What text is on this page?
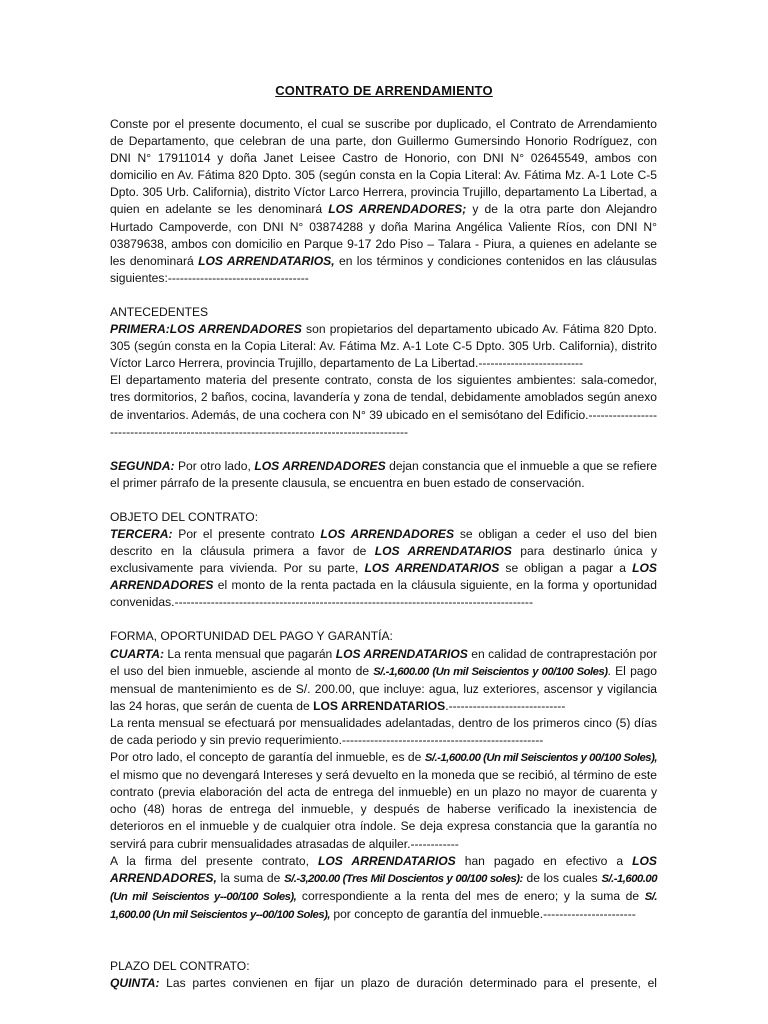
CONTRATO DE ARRENDAMIENTO

Conste por el presente documento, el cual se suscribe por duplicado, el Contrato de Arrendamiento de Departamento, que celebran de una parte, don Guillermo Gumersindo Honorio Rodríguez, con DNI N° 17911014 y doña Janet Leisee Castro de Honorio, con DNI N° 02645549, ambos con domicilio en Av. Fátima 820 Dpto. 305 (según consta en la Copia Literal: Av. Fátima Mz. A-1 Lote C-5 Dpto. 305 Urb. California), distrito Víctor Larco Herrera, provincia Trujillo, departamento La Libertad, a quien en adelante se les denominará LOS ARRENDADORES; y de la otra parte don Alejandro Hurtado Campoverde, con DNI N° 03874288 y doña Marina Angélica Valiente Ríos, con DNI N° 03879638, ambos con domicilio en Parque 9-17 2do Piso – Talara - Piura, a quienes en adelante se les denominará LOS ARRENDATARIOS, en los términos y condiciones contenidos en las cláusulas siguientes:-----------------------------------

ANTECEDENTES

PRIMERA:LOS ARRENDADORES son propietarios del departamento ubicado Av. Fátima 820 Dpto. 305 (según consta en la Copia Literal: Av. Fátima Mz. A-1 Lote C-5 Dpto. 305 Urb. California), distrito Víctor Larco Herrera, provincia Trujillo, departamento de La Libertad.--------------------------

El departamento materia del presente contrato, consta de los siguientes ambientes: sala-comedor, tres dormitorios, 2 baños, cocina, lavandería y zona de tendal, debidamente amoblados según anexo de inventarios. Además, de una cochera con N° 39 ubicado en el semisótano del Edificio.-------------------------------------------------------------------------------------------

SEGUNDA: Por otro lado, LOS ARRENDADORES dejan constancia que el inmueble a que se refiere el primer párrafo de la presente clausula, se encuentra en buen estado de conservación.

OBJETO DEL CONTRATO:

TERCERA: Por el presente contrato LOS ARRENDADORES se obligan a ceder el uso del bien descrito en la cláusula primera a favor de LOS ARRENDATARIOS para destinarlo única y exclusivamente para vivienda. Por su parte, LOS ARRENDATARIOS se obligan a pagar a LOS ARRENDADORES el monto de la renta pactada en la cláusula siguiente, en la forma y oportunidad convenidas.-----------------------------------------------------------------------------------------

FORMA, OPORTUNIDAD DEL PAGO Y GARANTÍA:

CUARTA: La renta mensual que pagarán LOS ARRENDATARIOS en calidad de contraprestación por el uso del bien inmueble, asciende al monto de S/.-1,600.00 (Un mil Seiscientos y 00/100 Soles). El pago mensual de mantenimiento es de S/. 200.00, que incluye: agua, luz exteriores, ascensor y vigilancia las 24 horas, que serán de cuenta de LOS ARRENDATARIOS.-----------------------------

La renta mensual se efectuará por mensualidades adelantadas, dentro de los primeros cinco (5) días de cada periodo y sin previo requerimiento.--------------------------------------------------

Por otro lado, el concepto de garantía del inmueble, es de S/.-1,600.00 (Un mil Seiscientos y 00/100 Soles), el mismo que no devengará Intereses y será devuelto en la moneda que se recibió, al término de este contrato (previa elaboración del acta de entrega del inmueble) en un plazo no mayor de cuarenta y ocho (48) horas de entrega del inmueble, y después de haberse verificado la inexistencia de deterioros en el inmueble y de cualquier otra índole. Se deja expresa constancia que la garantía no servirá para cubrir mensualidades atrasadas de alquiler.------------

A la firma del presente contrato, LOS ARRENDATARIOS han pagado en efectivo a LOS ARRENDADORES, la suma de S/.-3,200.00 (Tres Mil Doscientos y 00/100 soles): de los cuales S/.-1,600.00 (Un mil Seiscientos y--00/100 Soles), correspondiente a la renta del mes de enero; y la suma de S/. 1,600.00 (Un mil Seiscientos y--00/100 Soles), por concepto de garantía del inmueble.-----------------------

PLAZO DEL CONTRATO:

QUINTA: Las partes convienen en fijar un plazo de duración determinado para el presente, el
